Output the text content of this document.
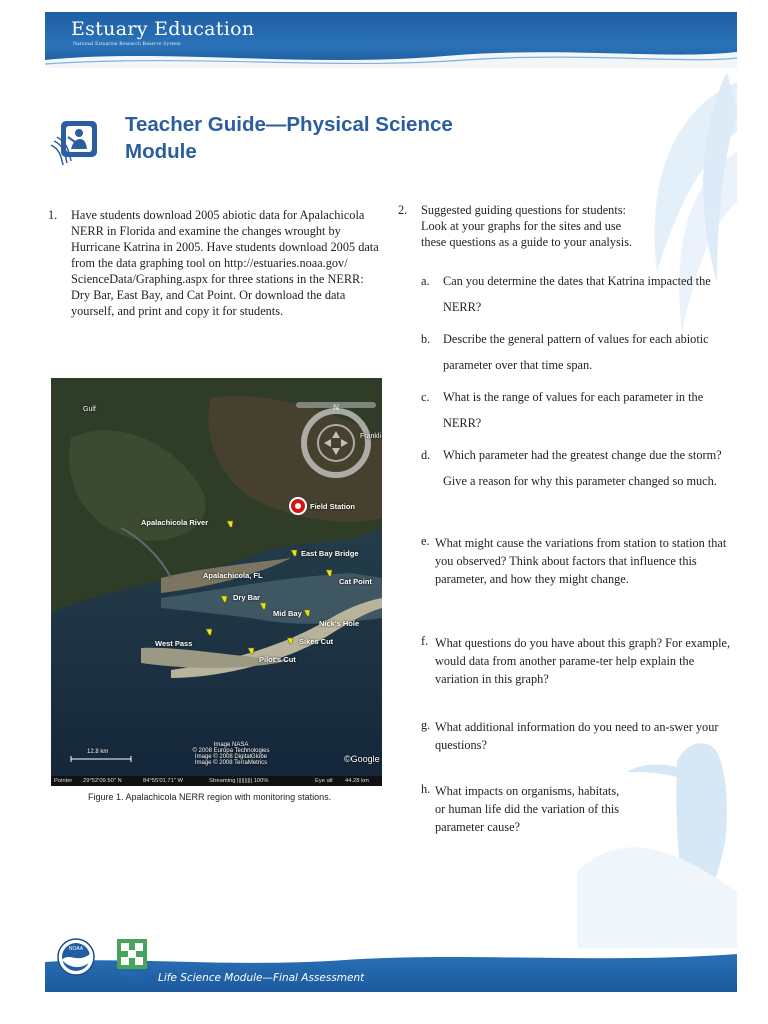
Estuary Education
National Estuarine Research Reserve System
Teacher Guide—Physical Science
Module
1. Have students download 2005 abiotic data for Apalachicola NERR in Florida and examine the changes wrought by Hurricane Katrina in 2005. Have students download 2005 data from the data graphing tool on http://estuaries.noaa.gov/ ScienceData/Graphing.aspx for three stations in the NERR: Dry Bar, East Bay, and Cat Point. Or download the data yourself, and print and copy it for students.
Gulf
Frankli
Field Station
Apalachicola River
East Bay Bridge
Apalachicola, FL
Cat Point
Dry Bar
Mid Bay
Nick's Hole
West Pass	Sikes Cut
Pilot's Cut
Image NASA
© 2008 Europa Technologies
Image © 2008 DigitalGlobe
Image © 2008 TerraMetrics
12.8 km
©Google
Pointer 29°52'09.50" N	84°55'01.71" W	Streaming |||||||||| 100%	Eye alt 44.28 km
Figure 1. Apalachicola NERR region with monitoring stations.
2. Suggested guiding questions for students:
Look at your graphs for the sites and use
these questions as a guide to your analysis.
a.	Can you determine the dates that Katrina impacted the NERR?
b.	Describe the general pattern of values for each abiotic parameter over that time span.
c.	What is the range of values for each parameter in the NERR?
d.	Which parameter had the greatest change due the storm? Give a reason for why this parameter changed so much.
e. What might cause the variations from station to station that you observed? Think about factors that influence this parameter, and how they might change.
f. What questions do you have about this graph? For example, would data from another parame-ter help explain the variation in this graph?
g. What additional information do you need to an-swer your questions?
h. What impacts on organisms, habitats, or human life did the variation of this parameter cause?
Life Science Module—Final Assessment
NOAA
TERC
